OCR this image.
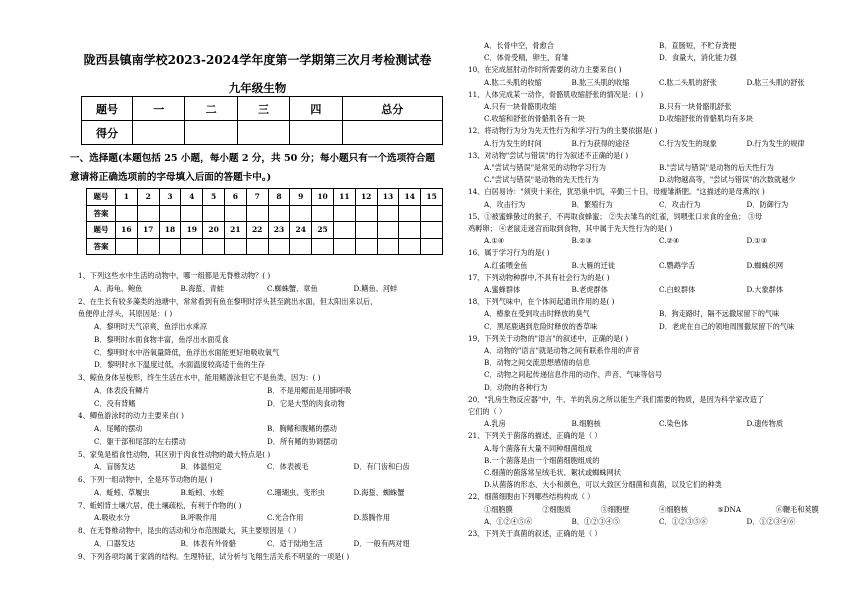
陇西县镇南学校2023-2024学年度第一学期第三次月考检测试卷
九年级生物
题号	一	二	三	四	总分
得分					
一、选择题(本题包括 25 小题，每小题 2 分，共 50 分；每小题只有一个选项符合题
意请将正确选项前的字母填入后面的答题卡中。)
题号	1	2	3	4	5	6	7	8	9	10	11	12	13	14	15
答案															
题号	16	17	18	19	20	21	22	23	24	25					
答案															
1、下列这些水中生活的动物中，哪一组都是无脊椎动物？( )
A．海龟、鲍鱼	B.海蜇、青蛙	C.蜘蛛蟹、章鱼	D.鳝鱼、河蚌
2、在生长有较多藻类的池塘中，常常看到有鱼在黎明时浮头甚至跳出水面，但太阳出来以后，
鱼便停止浮头，其原因是：( )
A．黎明时天气凉爽，鱼浮出水乘凉
B．黎明时水面食物丰富，鱼浮出水面觅食
C．黎明时水中浴氧量降低，鱼浮出水面能更好地吸收氧气
D．黎明时水下温度过低，水面温度较高适于鱼的生存
3、鲸鱼身体呈梭形，终生生活在水中，能用鳍游泳但它不是鱼类，因为：( )
A．体表没有鳞片	B．不是用鳃而是用肺呼吸
C．没有背鳍	D．它是大型的肉食动物
4、鲫鱼游泳时的动力主要来自( )
A．尾鳍的摆动	B．胸鳍和腹鳍的摆动
C．躯干部和尾部的左右摆动	D．所有鳍的协调摆动
5、家兔是植食性动物，其区别于肉食性动物的最大特点是( )
A．盲肠发达	B．体温恒定	C．体表被毛	D．有门齿和臼齿
6、下列一组动物中，全是环节动物的是( )
A．蚯蚓、草履虫	B.蚯蚓、水蛭	C.珊瑚虫、变形虫	D.海蜇、蜘蛛蟹
7、蚯蚓背土壤穴居，使土壤疏松，有利于作物的( )
A.吸收水分	B.呼吸作用	C.光合作用	D.蒸腾作用
8、在无脊椎动物中，昆虫的活动和分布范围最大，其主要原因是（ ）
A．口器发达	B．体表有外骨骼	C．适于陆地生活	D．一般有两对翅
9、下列各项均属于家鸽的结构。生理特征，试分析与飞翔生活关系不明显的一项是( )
A．长骨中空，骨愈合	B．直肠短，不贮存粪便
C．体骨受精，卵生，育雏	D．食量大，消化能力强
10、在完成屈肘动作时所需要的动力主要来自( )
A.肱二头肌的收缩	B.肱三头肌的收缩	C.肱二头肌的舒张	D.肱三头肌的舒张
11、人体完成某一动作，骨骼肌收缩舒张的情况是：( )
A.只有一块骨骼肌收缩	B.只有一块骨骼肌舒张
C.收缩和舒张的骨骼肌各有一块	D.收缩舒张的骨骼肌均有多块
12、将动物行为分为先天性行为和学习行为的主要依据是( )
A.行为发生的时间	B.行为获得的途径	C.行为发生的现象	D.行为发生的规律
13、对动物"尝试与错误"的行为叙述不正确的是( )
A."尝试与错误"是常见的动物学习行为	B."尝试与错误"是动物的后天性行为
C."尝试与错误"是动物的先天性行为	D.动物越高等，"尝试与错误"的次数就越少
14、白居易诗："须臾十来往，犹恐巢中饥，辛勤三十日，母瘦雏渐肥。"这描述的是母燕的( )
A．攻击行为	B．繁殖行为	C．攻击行为	D．防御行为
15、①被蜜蜂蛰过的猴子，不再取食蜂蜜； ②失去雏鸟的红雀，饲喂张口求食的金鱼； ③母
鸡孵卵； ④老鼠走迷宫而取到食物，其中属于先天性行为的是( )
A.①④	B.②③	C.②④	D.①③
16、属于学习行为的是( )
A.红雀喂金鱼	B.大雁的迁徙	C.鹦鹉学舌	D.蜘蛛织网
17、下列动物种群中,不具有社会行为的是( )
A.蜜蜂群体	B.老虎群体	C.白蚁群体	D.大象群体
18、下列气味中，在个体间起通讯作用的是( )
A．椿象在受到攻击时释放的臭气	B．狗走路时，隔不远撒尿留下的气味
C．黑尾鹿遇到危险时释放的香草味	D．老虎在自己的领地周围撒尿留下的气味
19、下列关于动物的"语言"的叙述中，正确的是( )
A．动物的"语言"就是动物之间有联系作用的声音
B．动物之间交流思想感情的信息
C．动物之间起传递信息作用的动作、声音、气味等信号
D．动物的各种行为
20、"乳房生物反应器"中，牛、羊的乳房之所以能生产我们需要的物质，是因为科学家改造了
它们的（ ）
A.乳房	B.细胞核	C.染色体	D.遗传物质
21、下列关于菌落的描述，正确的是（ ）
A.每个菌落有大量不同种细菌组成
B.一个菌落是由一个细菌细胞组成的
C.细菌的菌落常呈绒毛状、絮状或蜘蛛网状
D.从菌落的形态、大小和颜色，可以大致区分细菌和真菌，以及它们的种类
22、细菌细胞由下列哪些结构构成（ ）
①细胞膜	②细胞质	③细胞壁	④细胞核	⑤DNA	⑥鞭毛和荚膜
A．①②④⑤⑥	B．①②③④⑤	C．①②③⑤⑥	D．①②③④⑥
23、下列关于真菌的叙述，正确的是（ ）
